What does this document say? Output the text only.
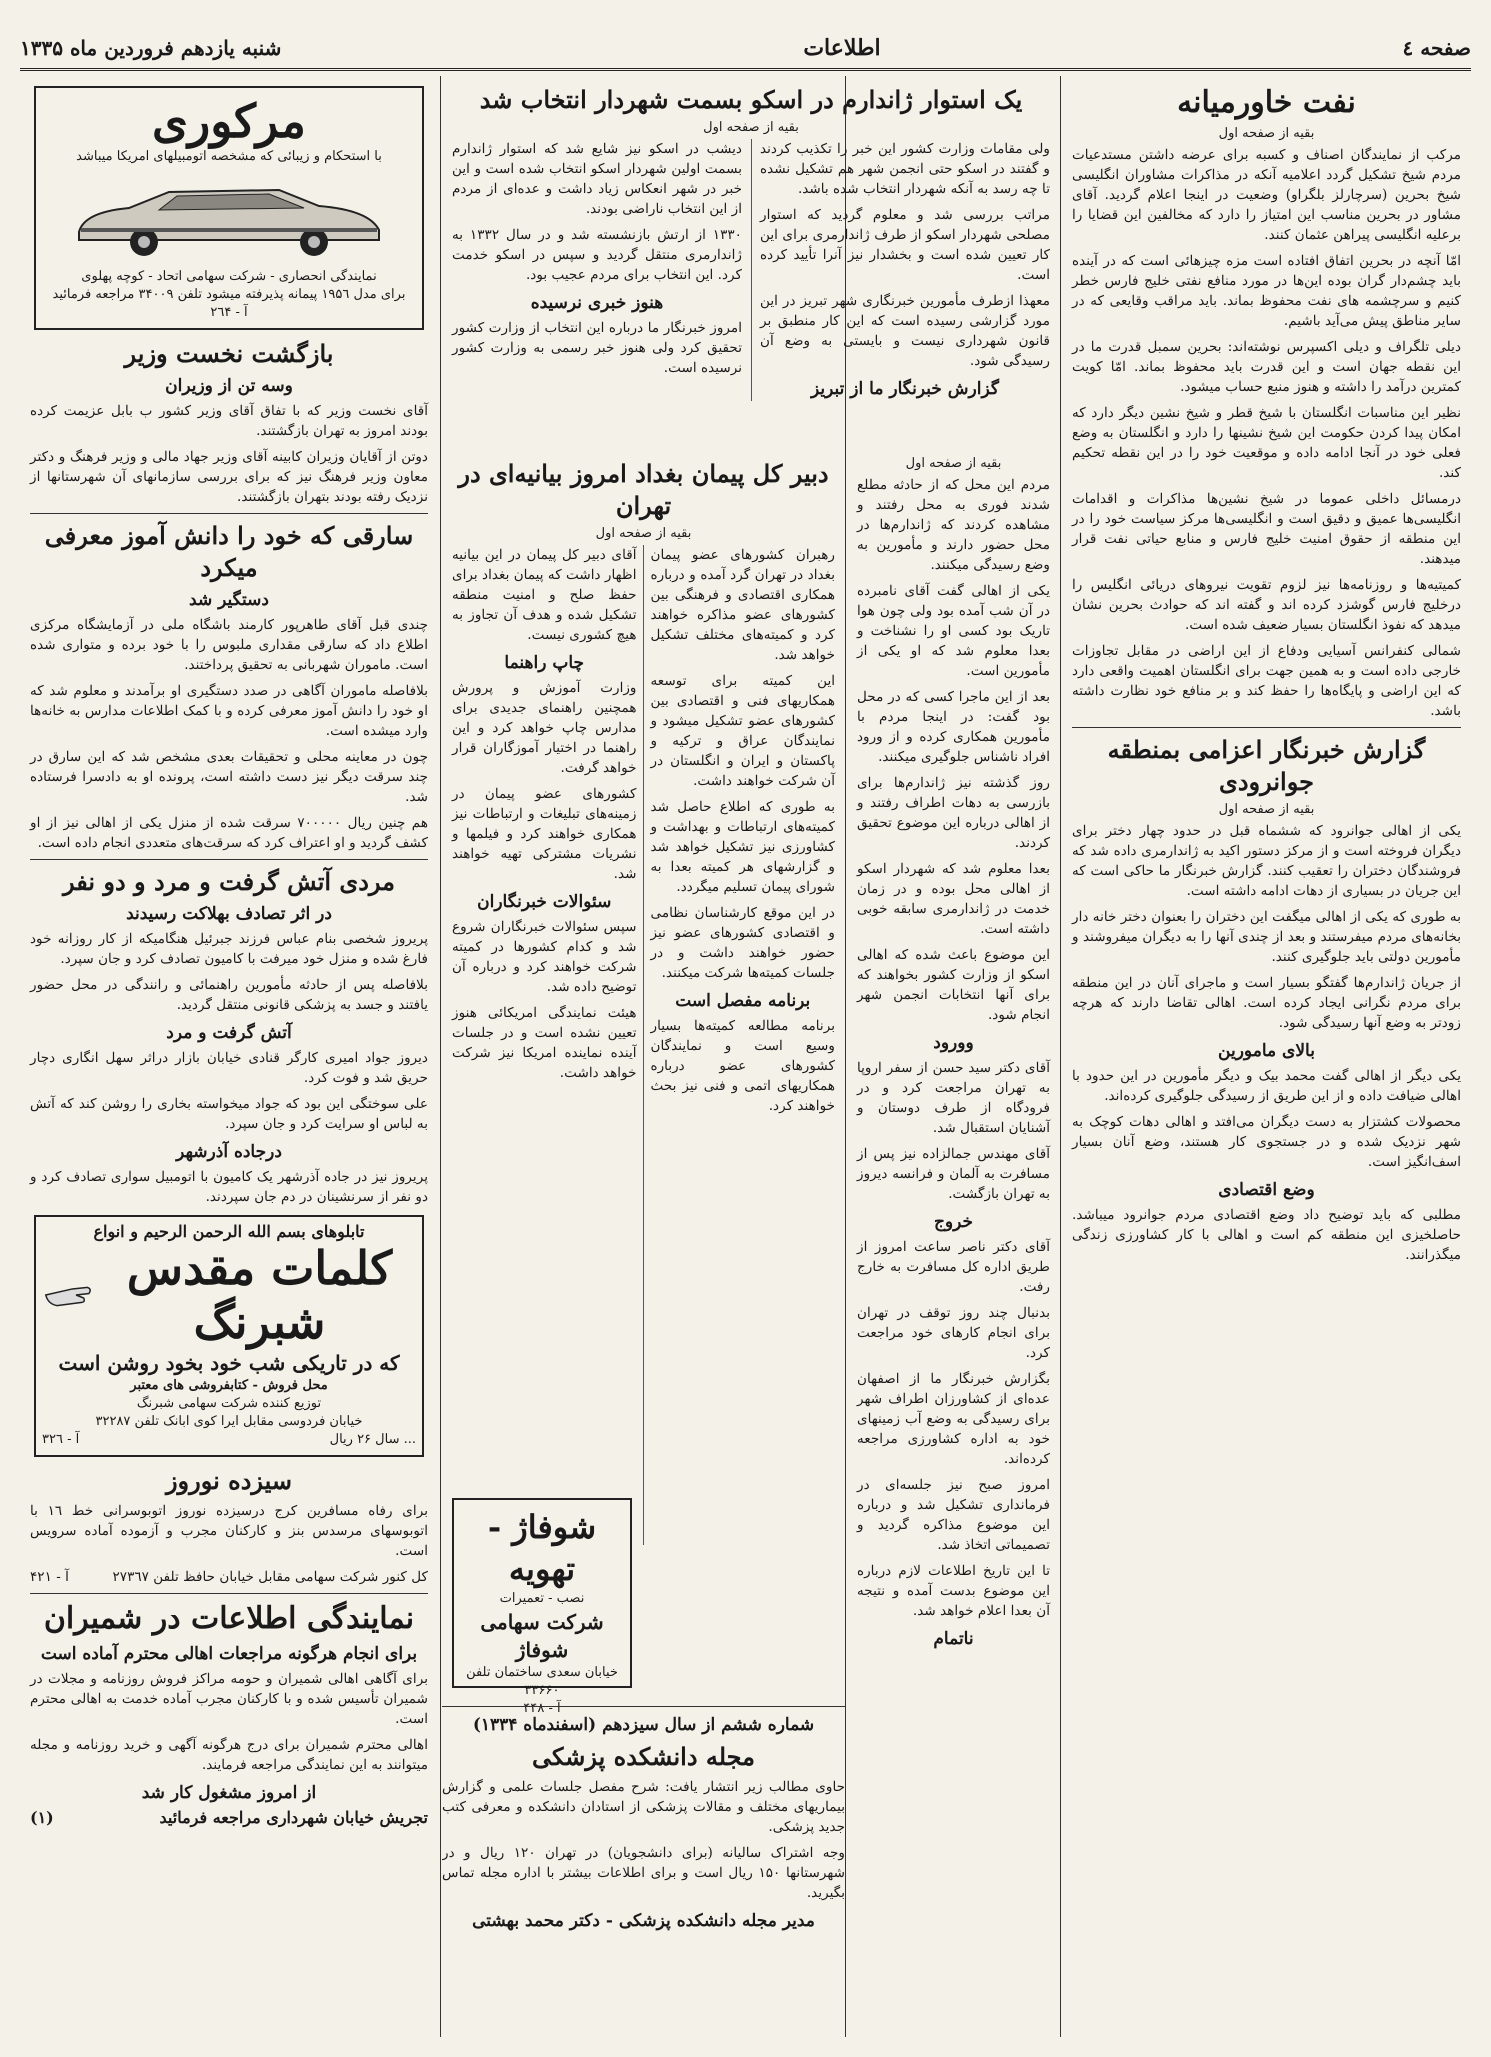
صفحه ٤
اطلاعات
شنبه یازدهم فروردین ماه ۱۳۳۵
نفت خاورمیانه
بقیه از صفحه اول

مرکب از نمایندگان اصناف و کسبه برای عرضه داشتن مستدعیات مردم شیخ تشکیل گردد اعلامیه آنکه در مذاکرات مشاوران انگلیسی شیخ بحرین (سرچارلز بلگراو) وضعیت در اینجا اعلام گردید. آقای مشاور در بحرین مناسب این امتیاز را دارد که مخالفین این قضایا را برعلیه انگلیسی پیراهن عثمان کنند.

امّا آنچه در بحرین اتفاق افتاده است مزه چیزهائی است که در آینده باید چشم‌دار گران بوده این‌ها در مورد منافع نفتی خلیج فارس خطر کنیم و سرچشمه های نفت محفوظ بماند. باید مراقب وقایعی که در سایر مناطق پیش می‌آید باشیم.

دیلی تلگراف و دیلی اکسپرس نوشته‌اند: بحرین سمبل قدرت ما در این نقطه جهان است و این قدرت باید محفوظ بماند. امّا کویت کمترین درآمد را داشته و هنوز منبع حساب میشود.

نظیر این مناسبات انگلستان با شیخ قطر و شیخ نشین دیگر دارد که امکان پیدا کردن حکومت این شیخ نشینها را دارد و انگلستان به وضع فعلی خود در آنجا ادامه داده و موقعیت خود را در این نقطه تحکیم کند.

درمسائل داخلی عموما در شیخ نشین‌ها مذاکرات و اقدامات انگلیسی‌ها عمیق و دقیق است و انگلیسی‌ها مرکز سیاست خود را در این منطقه از حقوق امنیت خلیج فارس و منابع حیاتی نفت قرار میدهند.

کمیتیه‌ها و روزنامه‌ها نیز لزوم تقویت نیروهای دریائی انگلیس را درخلیج فارس گوشزد کرده اند و گفته اند که حوادث بحرین نشان میدهد که نفوذ انگلستان بسیار ضعیف شده است.

شمالی کنفرانس آسیایی ودفاع از این اراضی در مقابل تجاوزات خارجی داده است و به همین جهت برای انگلستان اهمیت واقعی دارد که این اراضی و پایگاه‌ها را حفظ کند و بر منافع خود نظارت داشته باشد.

گزارش خبرنگار اعزامی بمنطقه جوانرودی
بقیه از صفحه اول

یکی از اهالی جوانرود که ششماه قبل در حدود چهار دختر برای دیگران فروخته است و از مرکز دستور اکید به ژاندارمری داده شد که فروشندگان دختران را تعقیب کنند. گزارش خبرنگار ما حاکی است که این جریان در بسیاری از دهات ادامه داشته است.

به طوری که یکی از اهالی میگفت این دختران را بعنوان دختر خانه دار بخانه‌های مردم میفرستند و بعد از چندی آنها را به دیگران میفروشند و مأمورین دولتی باید جلوگیری کنند.

از جریان ژاندارم‌ها گفتگو بسیار است و ماجرای آنان در این منطقه برای مردم نگرانی ایجاد کرده است. اهالی تقاضا دارند که هرچه زودتر به وضع آنها رسیدگی شود.

بالای مامورین

یکی دیگر از اهالی گفت محمد بیک و دیگر مأمورین در این حدود با اهالی ضیافت داده و از این طریق از رسیدگی جلوگیری کرده‌اند.

محصولات کشتزار به دست دیگران می‌افتد و اهالی دهات کوچک به شهر نزدیک شده و در جستجوی کار هستند، وضع آنان بسیار اسف‌انگیز است.

وضع اقتصادی

مطلبی که باید توضیح داد وضع اقتصادی مردم جوانرود میباشد. حاصلخیزی این منطقه کم است و اهالی با کار کشاورزی زندگی میگذرانند.

یک استوار ژاندارم در اسکو بسمت شهردار انتخاب شد
بقیه از صفحه اول

ولی مقامات وزارت کشور این خبر را تکذیب کردند و گفتند در اسکو حتی انجمن شهر هم تشکیل نشده تا چه رسد به آنکه شهردار انتخاب شده باشد.

مراتب بررسی شد و معلوم گردید که استوار مصلحی شهردار اسکو از طرف ژاندارمری برای این کار تعیین شده است و بخشدار نیز آنرا تأیید کرده است.

معهذا ازطرف مأمورین خبرنگاری شهر تبریز در این مورد گزارشی رسیده است که این کار منطبق بر قانون شهرداری نیست و بایستی به وضع آن رسیدگی شود.

گزارش خبرنگار ما از تبریز

دیشب در اسکو نیز شایع شد که استوار ژاندارم بسمت اولین شهردار اسکو انتخاب شده است و این خبر در شهر انعکاس زیاد داشت و عده‌ای از مردم از این انتخاب ناراضی بودند.

۱۳۳۰ از ارتش بازنشسته شد و در سال ۱۳۳۲ به ژاندارمری منتقل گردید و سپس در اسکو خدمت کرد. این انتخاب برای مردم عجیب بود.

هنوز خبری نرسیده

امروز خبرنگار ما درباره این انتخاب از وزارت کشور تحقیق کرد ولی هنوز خبر رسمی به وزارت کشور نرسیده است.

بقیه از صفحه اول

مردم این محل که از حادثه مطلع شدند فوری به محل رفتند و مشاهده کردند که ژاندارم‌ها در محل حضور دارند و مأمورین به وضع رسیدگی میکنند.

یکی از اهالی گفت آقای نامبرده در آن شب آمده بود ولی چون هوا تاریک بود کسی او را نشناخت و بعدا معلوم شد که او یکی از مأمورین است.

بعد از این ماجرا کسی که در محل بود گفت: در اینجا مردم با مأمورین همکاری کرده و از ورود افراد ناشناس جلوگیری میکنند.

روز گذشته نیز ژاندارم‌ها برای بازرسی به دهات اطراف رفتند و از اهالی درباره این موضوع تحقیق کردند.

بعدا معلوم شد که شهردار اسکو از اهالی محل بوده و در زمان خدمت در ژاندارمری سابقه خوبی داشته است.

این موضوع باعث شده که اهالی اسکو از وزارت کشور بخواهند که برای آنها انتخابات انجمن شهر انجام شود.

وورود

آقای دکتر سید حسن از سفر اروپا به تهران مراجعت کرد و در فرودگاه از طرف دوستان و آشنایان استقبال شد.

آقای مهندس جمالزاده نیز پس از مسافرت به آلمان و فرانسه دیروز به تهران بازگشت.

خروج

آقای دکتر ناصر ساعت امروز از طریق اداره کل مسافرت به خارج رفت.

بدنبال چند روز توقف در تهران برای انجام کارهای خود مراجعت کرد.

بگزارش خبرنگار ما از اصفهان عده‌ای از کشاورزان اطراف شهر برای رسیدگی به وضع آب زمینهای خود به اداره کشاورزی مراجعه کرده‌اند.

امروز صبح نیز جلسه‌ای در فرمانداری تشکیل شد و درباره این موضوع مذاکره گردید و تصمیماتی اتخاذ شد.

تا این تاریخ اطلاعات لازم درباره این موضوع بدست آمده و نتیجه آن بعدا اعلام خواهد شد.

ناتمام
دبیر کل پیمان بغداد امروز بیانیه‌ای در تهران
بقیه از صفحه اول

رهبران کشورهای عضو پیمان بغداد در تهران گرد آمده و درباره همکاری اقتصادی و فرهنگی بین کشورهای عضو مذاکره خواهند کرد و کمیته‌های مختلف تشکیل خواهد شد.

این کمیته برای توسعه همکاریهای فنی و اقتصادی بین کشورهای عضو تشکیل میشود و نمایندگان عراق و ترکیه و پاکستان و ایران و انگلستان در آن شرکت خواهند داشت.

به طوری که اطلاع حاصل شد کمیته‌های ارتباطات و بهداشت و کشاورزی نیز تشکیل خواهد شد و گزارشهای هر کمیته بعدا به شورای پیمان تسلیم میگردد.

در این موقع کارشناسان نظامی و اقتصادی کشورهای عضو نیز حضور خواهند داشت و در جلسات کمیته‌ها شرکت میکنند.

برنامه مفصل است

برنامه مطالعه کمیته‌ها بسیار وسیع است و نمایندگان کشورهای عضو درباره همکاریهای اتمی و فنی نیز بحث خواهند کرد.

آقای دبیر کل پیمان در این بیانیه اظهار داشت که پیمان بغداد برای حفظ صلح و امنیت منطقه تشکیل شده و هدف آن تجاوز به هیچ کشوری نیست.

چاپ راهنما

وزارت آموزش و پرورش همچنین راهنمای جدیدی برای مدارس چاپ خواهد کرد و این راهنما در اختیار آموزگاران قرار خواهد گرفت.

کشورهای عضو پیمان در زمینه‌های تبلیغات و ارتباطات نیز همکاری خواهند کرد و فیلمها و نشریات مشترکی تهیه خواهند شد.

سئوالات خبرنگاران

سپس سئوالات خبرنگاران شروع شد و کدام کشورها در کمیته شرکت خواهند کرد و درباره آن توضیح داده شد.

هیئت نمایندگی امریکائی هنوز تعیین نشده است و در جلسات آینده نماینده امریکا نیز شرکت خواهد داشت.

شوفاژ - تهویه
نصب - تعمیرات
شرکت سهامی شوفاژ
خیابان سعدی ساختمان تلفن ۳۳۶۶۰
آ - ۴۴۸
شماره ششم از سال سیزدهم (اسفندماه ۱۳۳۴)
مجله دانشکده پزشکی

حاوی مطالب زیر انتشار یافت: شرح مفصل جلسات علمی و گزارش بیماریهای مختلف و مقالات پزشکی از استادان دانشکده و معرفی کتب جدید پزشکی.

وجه اشتراک سالیانه (برای دانشجویان) در تهران ۱۲۰ ریال و در شهرستانها ۱۵۰ ریال است و برای اطلاعات بیشتر با اداره مجله تماس بگیرید.

مدیر مجله دانشکده پزشکی - دکتر محمد بهشتی
مرکوری
با استحکام و زیبائی که مشخصه اتومبیلهای امریکا میباشد
نمایندگی انحصاری - شرکت سهامی اتحاد - کوچه پهلوی
برای مدل ۱۹۵٦ پیمانه پذیرفته میشود تلفن ۳۴۰۰۹ مراجعه فرمائید
آ - ۲٦۴
بازگشت نخست وزیر
وسه تن از وزیران

آقای نخست وزیر که با تفاق آقای وزیر کشور ب بابل عزیمت کرده بودند امروز به تهران بازگشتند.

دوتن از آقایان وزیران کابینه آقای وزیر جهاد مالی و وزیر فرهنگ و دکتر معاون وزیر فرهنگ نیز که برای بررسی سازمانهای آن شهرستانها از نزدیک رفته بودند بتهران بازگشتند.

سارقی که خود را دانش آموز معرفی میکرد
دستگیر شد

چندی قبل آقای طاهرپور کارمند باشگاه ملی در آزمایشگاه مرکزی اطلاع داد که سارقی مقداری ملبوس را با خود برده و متواری شده است. ماموران شهربانی به تحقیق پرداختند.

بلافاصله ماموران آگاهی در صدد دستگیری او برآمدند و معلوم شد که او خود را دانش آموز معرفی کرده و با کمک اطلاعات مدارس به خانه‌ها وارد میشده است.

چون در معاینه محلی و تحقیقات بعدی مشخص شد که این سارق در چند سرقت دیگر نیز دست داشته است، پرونده او به دادسرا فرستاده شد.

هم چنین ریال ۷۰۰۰۰۰ سرقت شده از منزل یکی از اهالی نیز از او کشف گردید و او اعتراف کرد که سرقت‌های متعددی انجام داده است.

مردی آتش گرفت و مرد و دو نفر
در اثر تصادف بهلاکت رسیدند

پریروز شخصی بنام عباس فرزند جبرئیل هنگامیکه از کار روزانه خود فارغ شده و منزل خود میرفت با کامیون تصادف کرد و جان سپرد.

بلافاصله پس از حادثه مأمورین راهنمائی و رانندگی در محل حضور یافتند و جسد به پزشکی قانونی منتقل گردید.

آتش گرفت و مرد

دیروز جواد امیری کارگر قنادی خیابان بازار دراثر سهل انگاری دچار حریق شد و فوت کرد.

علی سوختگی این بود که جواد میخواسته بخاری را روشن کند که آتش به لباس او سرایت کرد و جان سپرد.

درجاده آذرشهر

پریروز نیز در جاده آذرشهر یک کامیون با اتومبیل سواری تصادف کرد و دو نفر از سرنشینان در دم جان سپردند.

تابلوهای بسم الله الرحمن الرحیم و انواع
کلمات مقدس شبرنگ
که در تاریکی شب خود بخود روشن است
محل فروش - کتابفروشی های معتبر
توزیع کننده شرکت سهامی شبرنگ
خیابان فردوسی مقابل ایرا کوی ابانک تلفن ۳۲۲۸۷
... سال ۲۶ ریال
آ - ۳۲٦
سیزده نوروز

برای رفاه مسافرین کرج درسیزده نوروز اتوبوسرانی خط ۱٦ با اتوبوسهای مرسدس بنز و کارکنان مجرب و آزموده آماده سرویس است.

کل کنور شرکت سهامی مقابل خیابان حافظ تلفن ۲۷۳٦۷
آ - ۴۲۱

نمایندگی اطلاعات در شمیران
برای انجام هرگونه مراجعات اهالی محترم آماده است

برای آگاهی اهالی شمیران و حومه مراکز فروش روزنامه و مجلات در شمیران تأسیس شده و با کارکنان مجرب آماده خدمت به اهالی محترم است.

اهالی محترم شمیران برای درج هرگونه آگهی و خرید روزنامه و مجله میتوانند به این نمایندگی مراجعه فرمایند.

از امروز مشغول کار شد
تجریش خیابان شهرداری مراجعه فرمائید
(۱)
